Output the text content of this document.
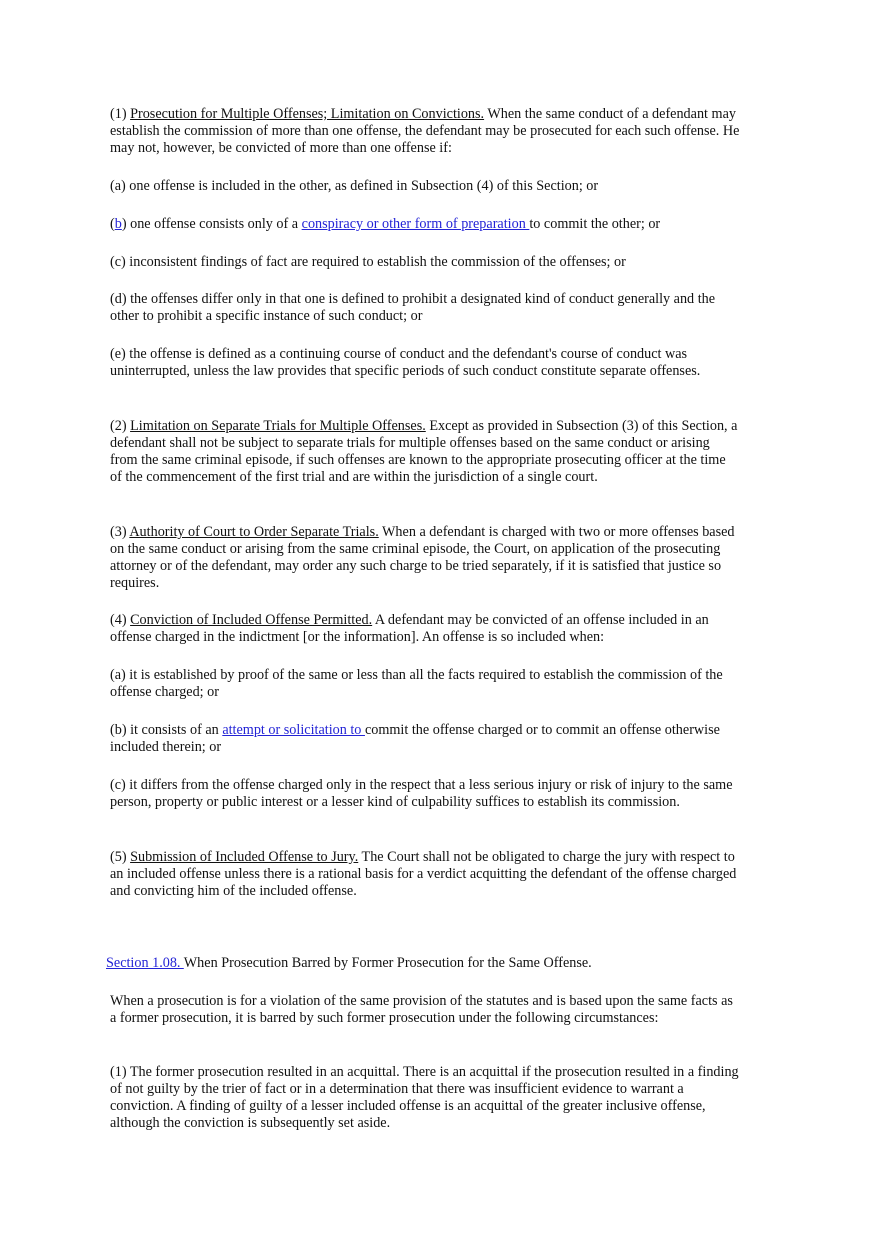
(1) Prosecution for Multiple Offenses; Limitation on Convictions. When the same conduct of a defendant may establish the commission of more than one offense, the defendant may be prosecuted for each such offense. He may not, however, be convicted of more than one offense if:

(a) one offense is included in the other, as defined in Subsection (4) of this Section; or

(b) one offense consists only of a conspiracy or other form of preparation to commit the other; or

(c) inconsistent findings of fact are required to establish the commission of the offenses; or

(d) the offenses differ only in that one is defined to prohibit a designated kind of conduct generally and the other to prohibit a specific instance of such conduct; or

(e) the offense is defined as a continuing course of conduct and the defendant's course of conduct was uninterrupted, unless the law provides that specific periods of such conduct constitute separate offenses.

(2) Limitation on Separate Trials for Multiple Offenses. Except as provided in Subsection (3) of this Section, a defendant shall not be subject to separate trials for multiple offenses based on the same conduct or arising from the same criminal episode, if such offenses are known to the appropriate prosecuting officer at the time of the commencement of the first trial and are within the jurisdiction of a single court.

(3) Authority of Court to Order Separate Trials. When a defendant is charged with two or more offenses based on the same conduct or arising from the same criminal episode, the Court, on application of the prosecuting attorney or of the defendant, may order any such charge to be tried separately, if it is satisfied that justice so requires.

(4) Conviction of Included Offense Permitted. A defendant may be convicted of an offense included in an offense charged in the indictment [or the information]. An offense is so included when:

(a) it is established by proof of the same or less than all the facts required to establish the commission of the offense charged; or

(b) it consists of an attempt or solicitation to commit the offense charged or to commit an offense otherwise included therein; or

(c) it differs from the offense charged only in the respect that a less serious injury or risk of injury to the same person, property or public interest or a lesser kind of culpability suffices to establish its commission.

(5) Submission of Included Offense to Jury. The Court shall not be obligated to charge the jury with respect to an included offense unless there is a rational basis for a verdict acquitting the defendant of the offense charged and convicting him of the included offense.

Section 1.08. When Prosecution Barred by Former Prosecution for the Same Offense.

When a prosecution is for a violation of the same provision of the statutes and is based upon the same facts as a former prosecution, it is barred by such former prosecution under the following circumstances:

(1) The former prosecution resulted in an acquittal. There is an acquittal if the prosecution resulted in a finding of not guilty by the trier of fact or in a determination that there was insufficient evidence to warrant a conviction. A finding of guilty of a lesser included offense is an acquittal of the greater inclusive offense, although the conviction is subsequently set aside.
